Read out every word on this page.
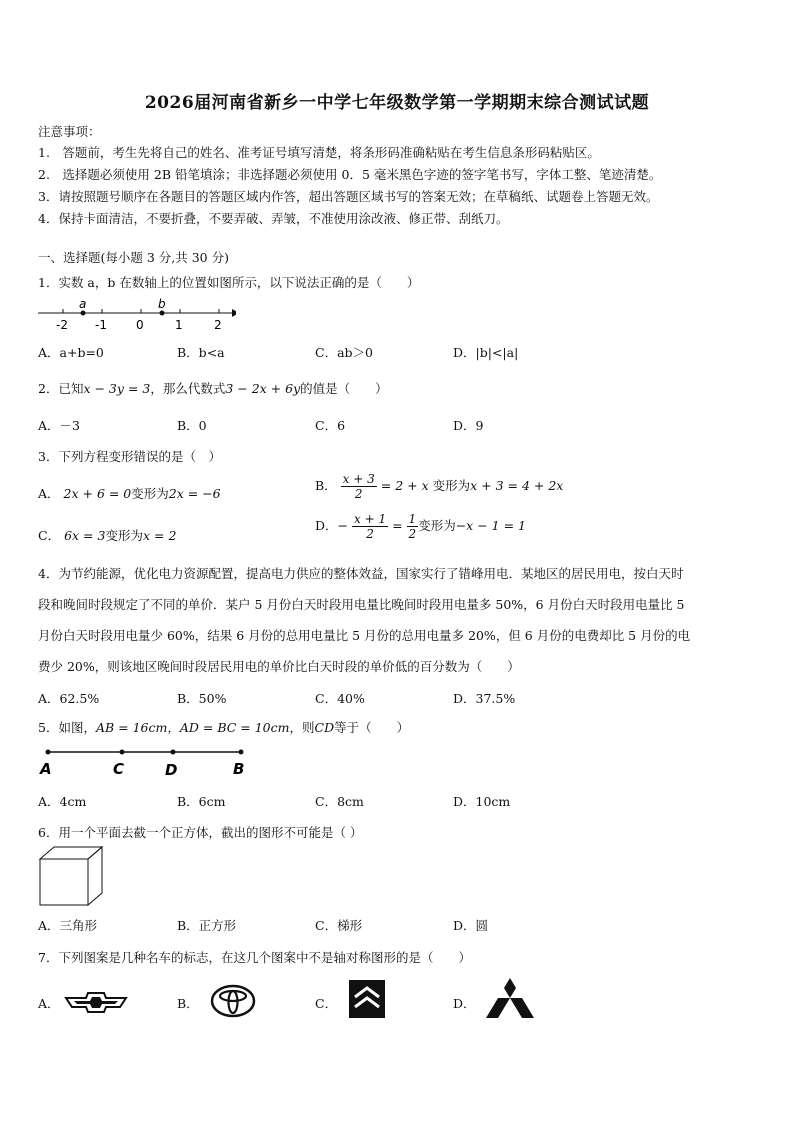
2026届河南省新乡一中学七年级数学第一学期期末综合测试试题
注意事项：
1.　答题前，考生先将自己的姓名、准考证号填写清楚，将条形码准确粘贴在考生信息条形码粘贴区。
2.　选择题必须使用 2B 铅笔填涂；非选择题必须使用 0．5 毫米黑色字迹的签字笔书写，字体工整、笔迹清楚。
3．请按照题号顺序在各题目的答题区域内作答，超出答题区域书写的答案无效；在草稿纸、试题卷上答题无效。
4．保持卡面清洁，不要折叠，不要弄破、弄皱，不准使用涂改液、修正带、刮纸刀。
一、选择题(每小题 3 分,共 30 分)
1．实数 a，b 在数轴上的位置如图所示，以下说法正确的是（　　）
a	b
-2 -1 0	1	2
A．a+b=0	B．b<a	C．ab＞0	D．|b|<|a|
2．已知x − 3y = 3，那么代数式3 − 2x + 6y的值是（　　）
A．－3	B．0	C．6	D．9
3．下列方程变形错误的是（　）
A． 2x + 6 = 0变形为2x = −6
B． $\frac{x + 3}{2} = 2 + x$ 变形为x + 3 = 4 + 2x
C． 6x = 3变形为x = 2
D．− $\frac{x + 1}{2} = \frac{1}{2}$ 变形为−x − 1 = 1
4．为节约能源，优化电力资源配置，提高电力供应的整体效益，国家实行了错峰用电．某地区的居民用电，按白天时
段和晚间时段规定了不同的单价．某户 5 月份白天时段用电量比晚间时段用电量多 50%，6 月份白天时段用电量比 5
月份白天时段用电量少 60%，结果 6 月份的总用电量比 5 月份的总用电量多 20%，但 6 月份的电费却比 5 月份的电
费少 20%，则该地区晚间时段居民用电的单价比白天时段的单价低的百分数为（　　）
A．62.5%	B．50%	C．40%	D．37.5%
5．如图，AB = 16cm，AD = BC = 10cm，则CD等于（　　）
A	C	D	B
A．4cm	B．6cm	C．8cm	D．10cm
6．用一个平面去截一个正方体，截出的图形不可能是（ ）
A．三角形	B．正方形	C．梯形	D．圆
7．下列图案是几种名车的标志，在这几个图案中不是轴对称图形的是（　　）
A．	B．	C．	D．
